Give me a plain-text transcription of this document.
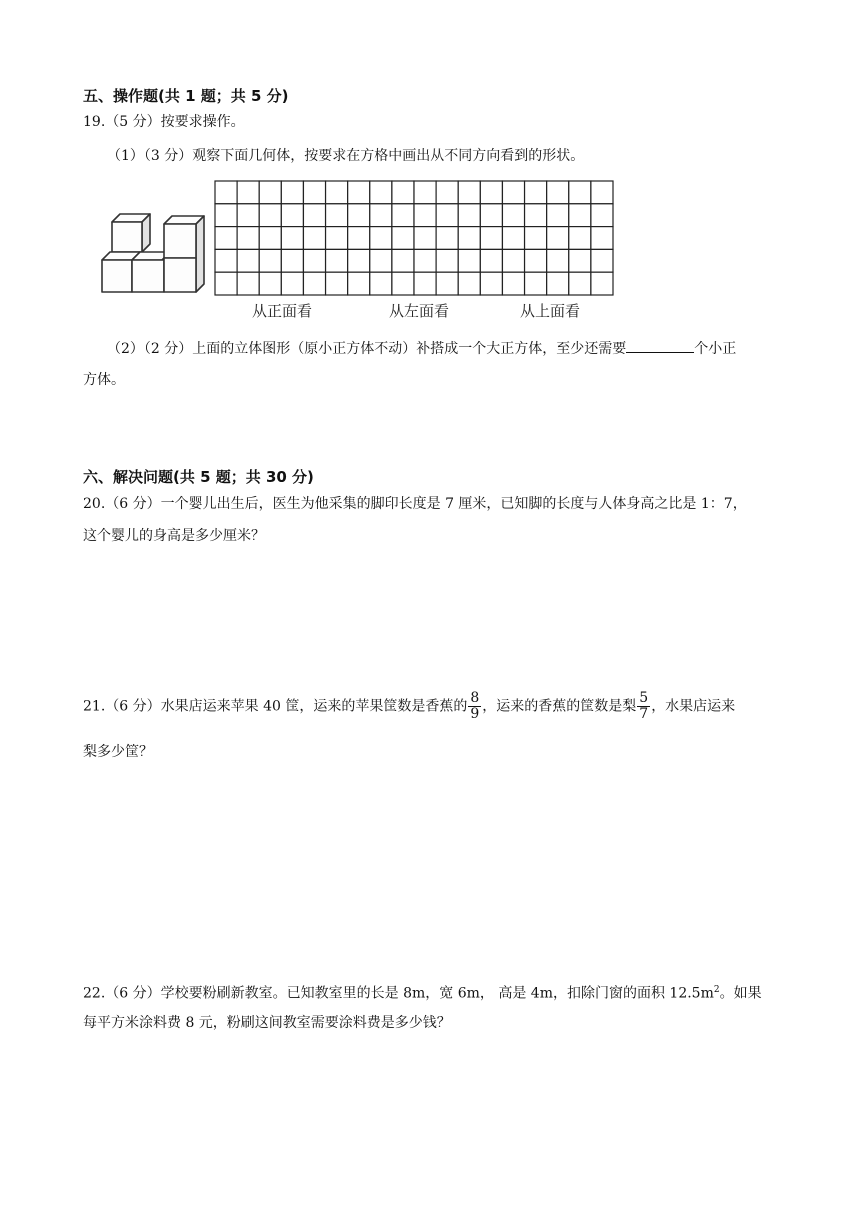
五、操作题(共 1 题；共 5 分)
19.（5 分）按要求操作。
（1）（3 分）观察下面几何体，按要求在方格中画出从不同方向看到的形状。
从正面看	从左面看	从上面看
（2）（2 分）上面的立体图形（原小正方体不动）补搭成一个大正方体，至少还需要	个小正
方体。
六、解决问题(共 5 题；共 30 分)
20.（6 分）一个婴儿出生后，医生为他采集的脚印长度是 7 厘米，已知脚的长度与人体身高之比是 1：7，
这个婴儿的身高是多少厘米？
21.（6 分）水果店运来苹果 40 筐，运来的苹果筐数是香蕉的 $\frac{8}{9}$ ，运来的香蕉的筐数是梨 $\frac{5}{7}$ ，水果店运来
梨多少筐？
22.（6 分）学校要粉刷新教室。已知教室里的长是 8m，宽 6m， 高是 4m，扣除门窗的面积 $12.5m^2$。如果
每平方米涂料费 8 元，粉刷这间教室需要涂料费是多少钱？
